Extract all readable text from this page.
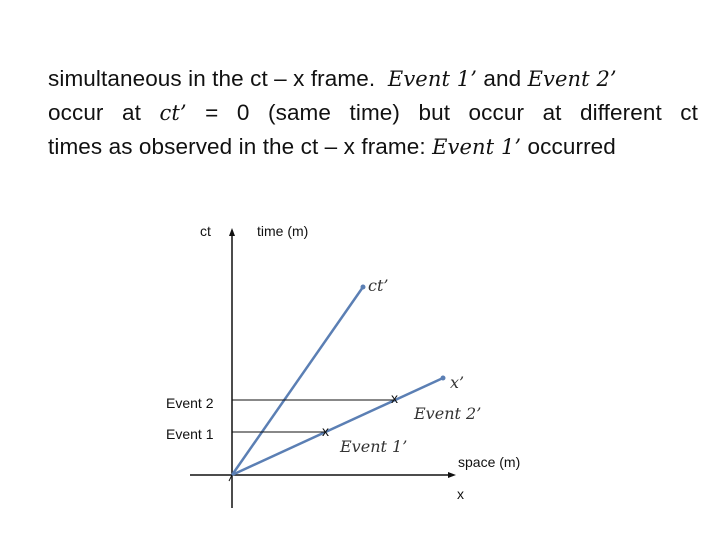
simultaneous in the ct – x frame. Event 1’ and Event 2’
occur at ct’ = 0 (same time) but occur at different ct
times as observed in the ct – x frame: Event 1’ occurred
ct	time (m)
ct’
x’
Event 2
Event 1
x
x
Event 2’
Event 1’
space (m)
x
